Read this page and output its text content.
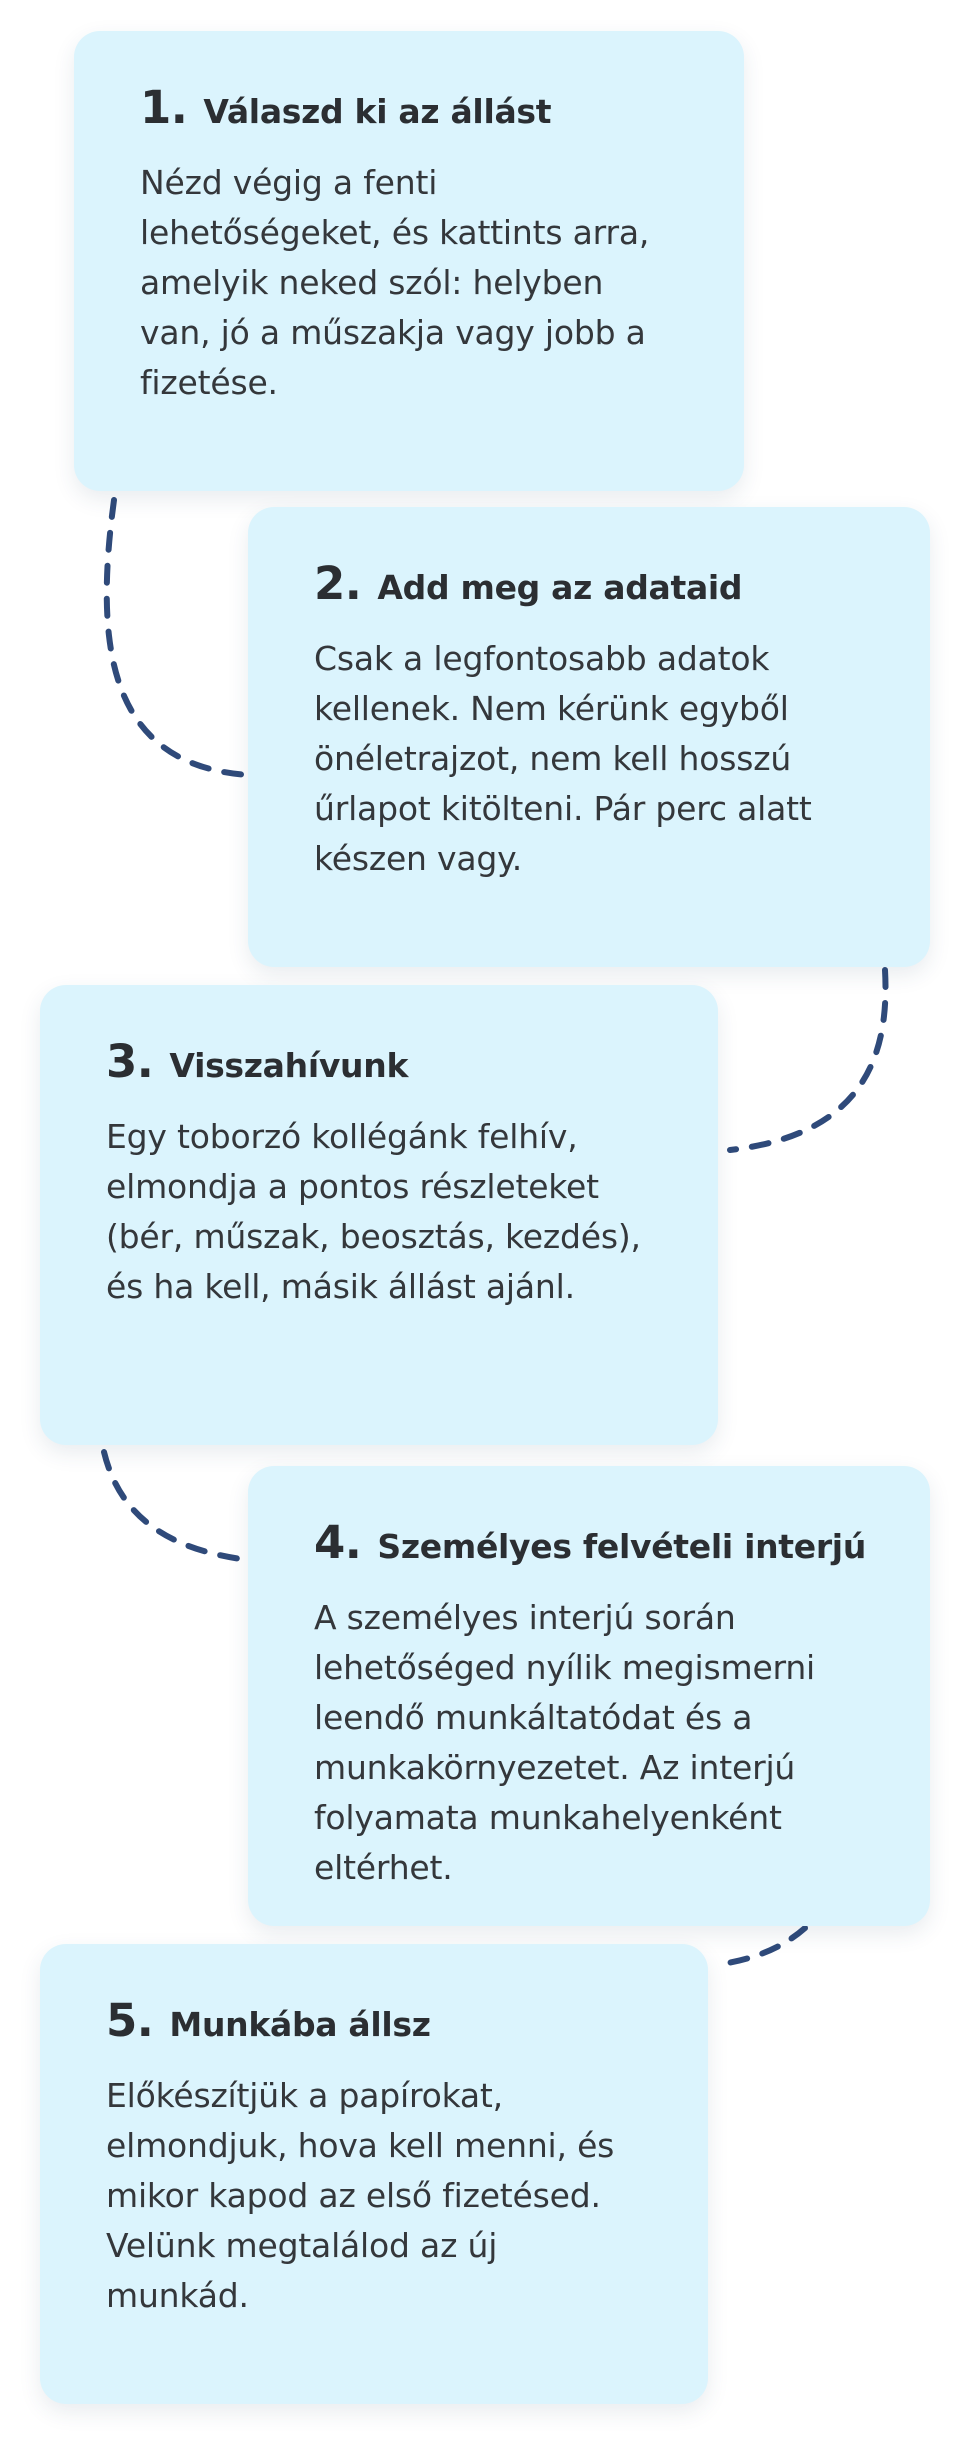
1. Válaszd ki az állást

Nézd végig a fenti lehetőségeket, és kattints arra, amelyik neked szól: helyben van, jó a műszakja vagy jobb a fizetése.

2. Add meg az adataid

Csak a legfontosabb adatok kellenek. Nem kérünk egyből önéletrajzot, nem kell hosszú űrlapot kitölteni. Pár perc alatt készen vagy.

3. Visszahívunk

Egy toborzó kollégánk felhív, elmondja a pontos részleteket (bér, műszak, beosztás, kezdés), és ha kell, másik állást ajánl.

4. Személyes felvételi interjú

A személyes interjú során lehetőséged nyílik megismerni leendő munkáltatódat és a munkakörnyezetet. Az interjú folyamata munkahelyenként eltérhet.

5. Munkába állsz

Előkészítjük a papírokat, elmondjuk, hova kell menni, és mikor kapod az első fizetésed. Velünk megtalálod az új munkád.
